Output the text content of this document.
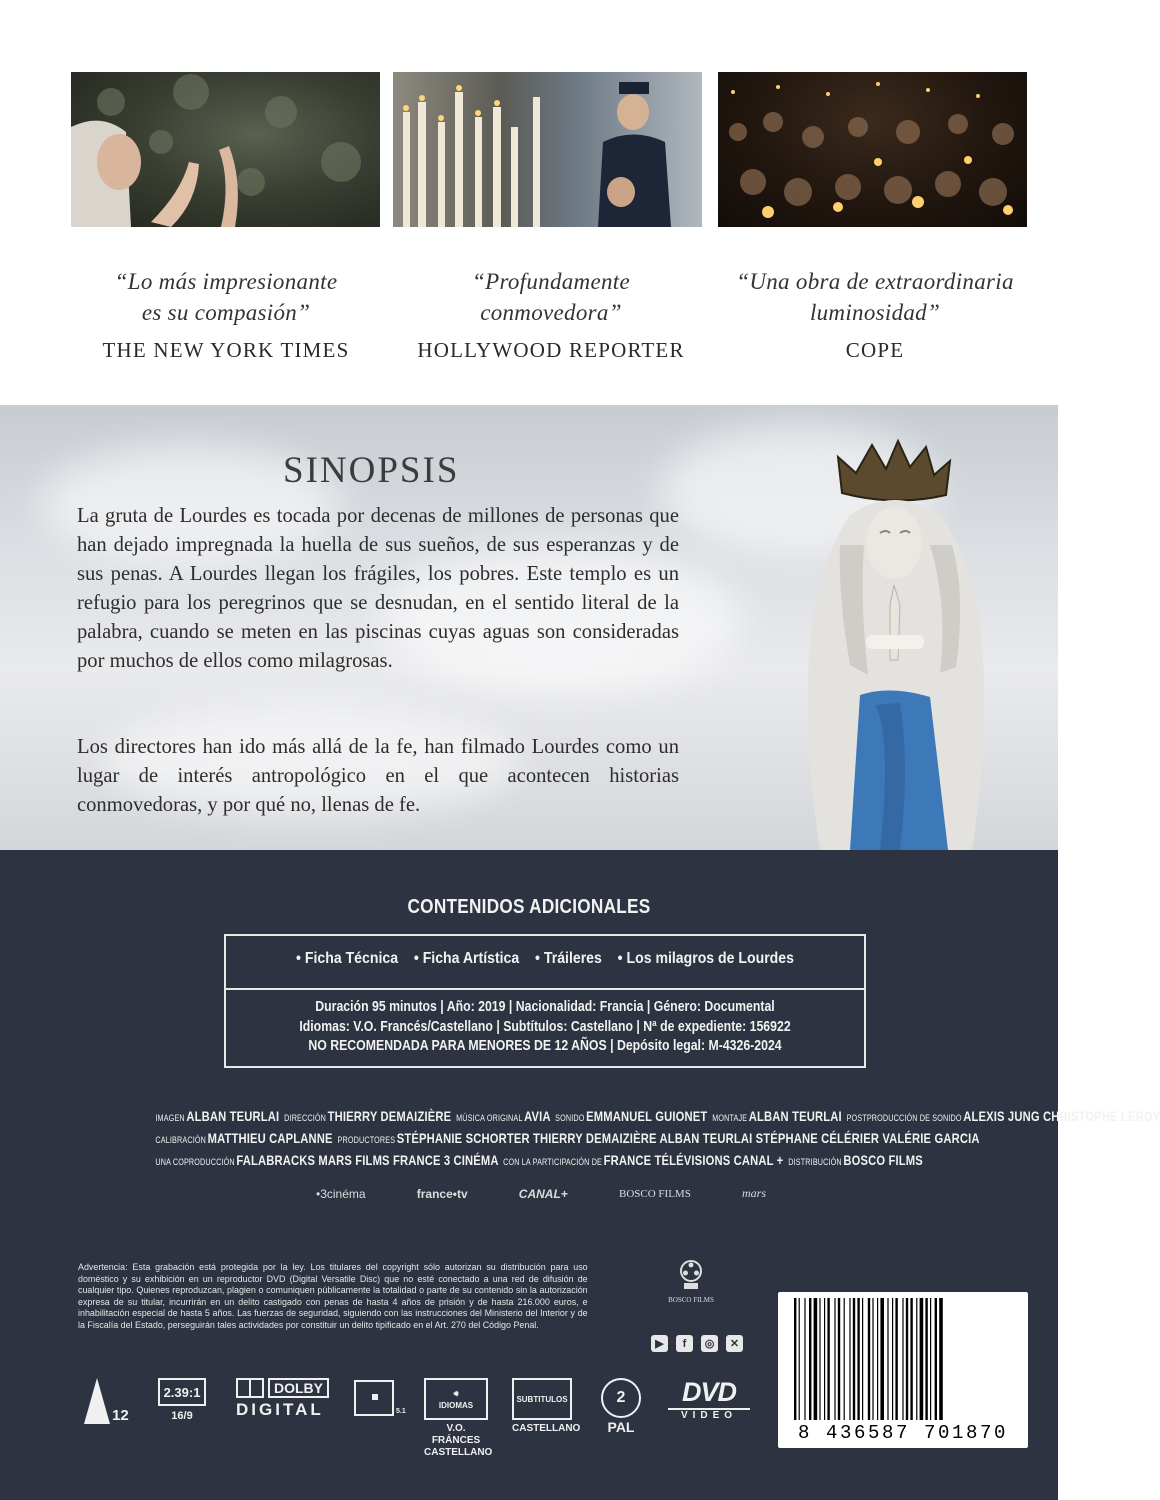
“Lo más impresionante
es su compasión”
THE NEW YORK TIMES
“Profundamente
conmovedora”
HOLLYWOOD REPORTER
“Una obra de extraordinaria
luminosidad”
COPE
SINOPSIS

La gruta de Lourdes es tocada por decenas de millones de personas que han dejado impregnada la huella de sus sueños, de sus esperanzas y de sus penas. A Lourdes llegan los frágiles, los pobres. Este templo es un refugio para los peregrinos que se desnudan, en el sentido literal de la palabra, cuando se meten en las piscinas cuyas aguas son consideradas por muchos de ellos como milagrosas.

Los directores han ido más allá de la fe, han filmado Lourdes como un lugar de interés antropológico en el que acontecen historias conmovedoras, y por qué no, llenas de fe.

CONTENIDOS ADICIONALES
• Ficha Técnica	• Ficha Artística	• Tráileres	• Los milagros de Lourdes
Duración 95 minutos | Año: 2019 | Nacionalidad: Francia | Género: Documental
Idiomas: V.O. Francés/Castellano | Subtítulos: Castellano | Nª de expediente: 156922
NO RECOMENDADA PARA MENORES DE 12 AÑOS | Depósito legal: M-4326-2024
IMAGEN ALBAN TEURLAI DIRECCIÓN THIERRY DEMAIZIÈRE MÚSICA ORIGINAL AVIA SONIDO EMMANUEL GUIONET MONTAJE ALBAN TEURLAI POSTPRODUCCIÓN DE SONIDO ALEXIS JUNG CHRISTOPHE LEROY
CALIBRACIÓN MATTHIEU CAPLANNE PRODUCTORES STÉPHANIE SCHORTER THIERRY DEMAIZIÈRE ALBAN TEURLAI STÉPHANE CÉLÉRIER VALÉRIE GARCIA
UNA COPRODUCCIÓN FALABRACKS MARS FILMS FRANCE 3 CINÉMA CON LA PARTICIPACIÓN DE FRANCE TÉLÉVISIONS CANAL + DISTRIBUCIÓN BOSCO FILMS
•3cinéma	france•tv	CANAL+	BOSCO FILMS	mars

Advertencia: Esta grabación está protegida por la ley. Los titulares del copyright sólo autorizan su distribución para uso doméstico y su exhibición en un reproductor DVD (Digital Versatile Disc) que no esté conectado a una red de difusión de cualquier tipo. Quienes reproduzcan, plagien o comuniquen públicamente la totalidad o parte de su contenido sin la autorización expresa de su titular, incurrirán en un delito castigado con penas de hasta 4 años de prisión y de hasta 216.000 euros, e inhabilitación especial de hasta 5 años. Las fuerzas de seguridad, siguiendo con las instrucciones del Ministerio del Interior y de la Fiscalía del Estado, perseguirán tales actividades por constituir un delito tipificado en el Art. 270 del Código Penal.

BOSCO FILMS
▶	f	◎	✕
8 436587 701870
12
2.39:1
16/9
DOLBY
DIGITAL	5.1
🔊︎
IDIOMAS
V.O. FRÁNCES
CASTELLANO
SUBTITULOS
CASTELLANO
2
PAL
DVD
VIDEO
